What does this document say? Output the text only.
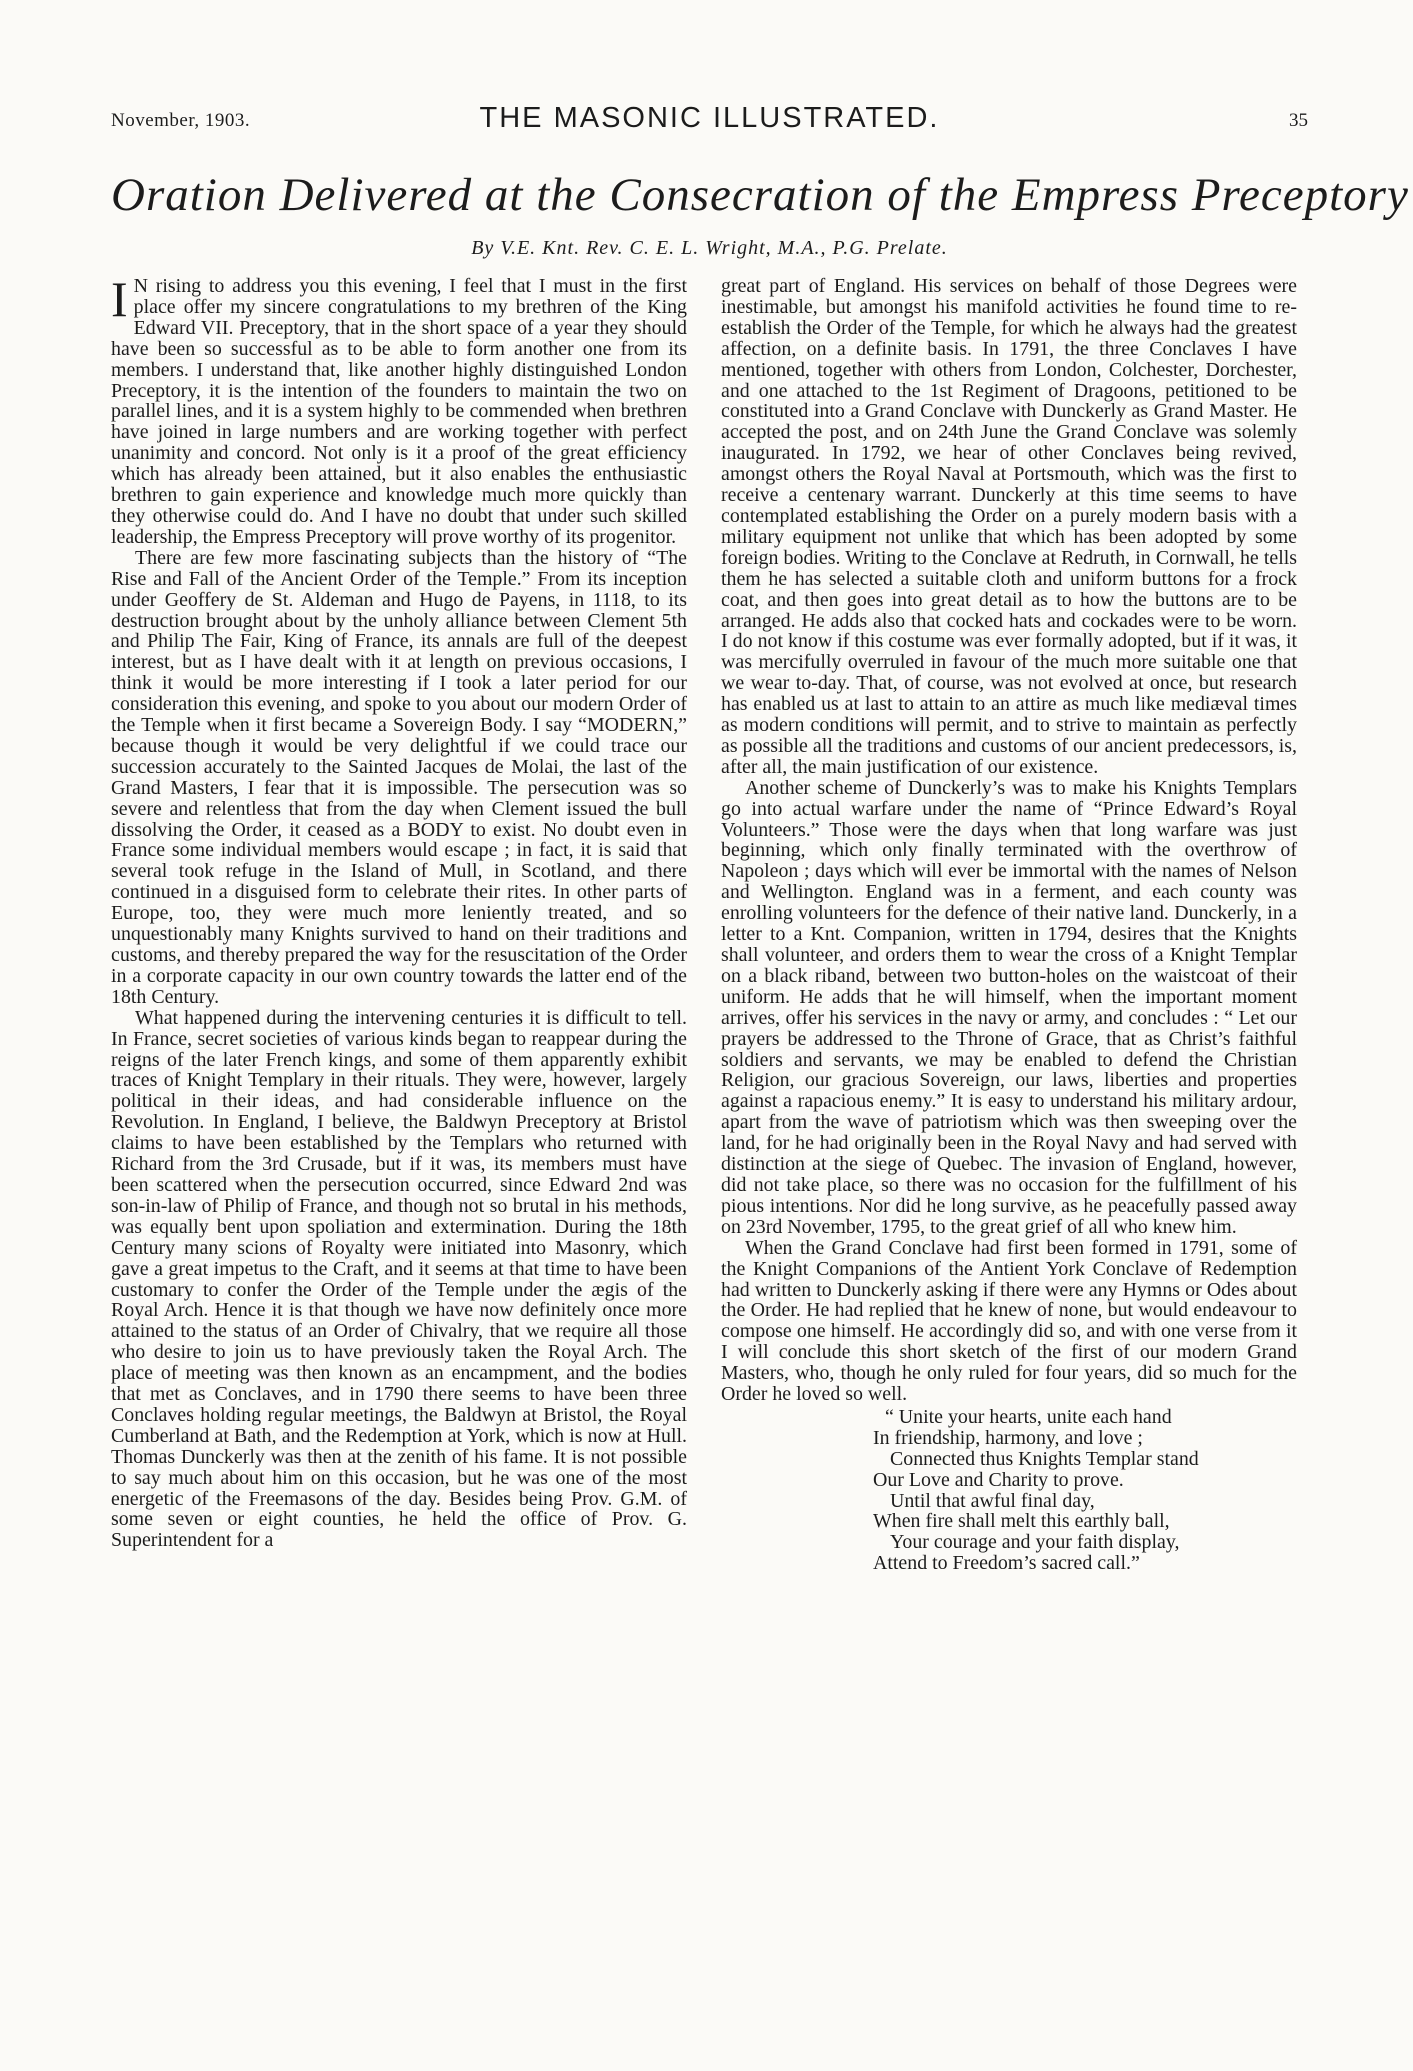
November, 1903.	THE MASONIC ILLUSTRATED.	35
Oration Delivered at the Consecration of the Empress Preceptory
By V.E. Knt. Rev. C. E. L. Wright, M.A., P.G. Prelate.

I N rising to address you this evening, I feel that I must in the first place offer my sincere congratulations to my brethren of the King Edward VII. Preceptory, that in the short space of a year they should have been so successful as to be able to form another one from its members. I understand that, like another highly distinguished London Preceptory, it is the intention of the founders to maintain the two on parallel lines, and it is a system highly to be commended when brethren have joined in large numbers and are working together with perfect unanimity and concord. Not only is it a proof of the great efficiency which has already been attained, but it also enables the enthusiastic brethren to gain experience and knowledge much more quickly than they otherwise could do. And I have no doubt that under such skilled leadership, the Empress Preceptory will prove worthy of its progenitor.

There are few more fascinating subjects than the history of “The Rise and Fall of the Ancient Order of the Temple.” From its inception under Geoffery de St. Aldeman and Hugo de Payens, in 1118, to its destruction brought about by the unholy alliance between Clement 5th and Philip The Fair, King of France, its annals are full of the deepest interest, but as I have dealt with it at length on previous occasions, I think it would be more interesting if I took a later period for our consideration this evening, and spoke to you about our modern Order of the Temple when it first became a Sovereign Body. I say “MODERN,” because though it would be very delightful if we could trace our succession accurately to the Sainted Jacques de Molai, the last of the Grand Masters, I fear that it is impossible. The persecution was so severe and relentless that from the day when Clement issued the bull dissolving the Order, it ceased as a BODY to exist. No doubt even in France some individual members would escape ; in fact, it is said that several took refuge in the Island of Mull, in Scotland, and there continued in a disguised form to celebrate their rites. In other parts of Europe, too, they were much more leniently treated, and so unquestionably many Knights survived to hand on their traditions and customs, and thereby prepared the way for the resuscitation of the Order in a corporate capacity in our own country towards the latter end of the 18th Century.

What happened during the intervening centuries it is difficult to tell. In France, secret societies of various kinds began to reappear during the reigns of the later French kings, and some of them apparently exhibit traces of Knight Templary in their rituals. They were, however, largely political in their ideas, and had considerable influence on the Revolution. In England, I believe, the Baldwyn Preceptory at Bristol claims to have been established by the Templars who returned with Richard from the 3rd Crusade, but if it was, its members must have been scattered when the persecution occurred, since Edward 2nd was son-in-law of Philip of France, and though not so brutal in his methods, was equally bent upon spoliation and extermination. During the 18th Century many scions of Royalty were initiated into Masonry, which gave a great impetus to the Craft, and it seems at that time to have been customary to confer the Order of the Temple under the ægis of the Royal Arch. Hence it is that though we have now definitely once more attained to the status of an Order of Chivalry, that we require all those who desire to join us to have previously taken the Royal Arch. The place of meeting was then known as an encampment, and the bodies that met as Conclaves, and in 1790 there seems to have been three Conclaves holding regular meetings, the Baldwyn at Bristol, the Royal Cumberland at Bath, and the Redemption at York, which is now at Hull. Thomas Dunckerly was then at the zenith of his fame. It is not possible to say much about him on this occasion, but he was one of the most energetic of the Freemasons of the day. Besides being Prov. G.M. of some seven or eight counties, he held the office of Prov. G. Superintendent for a

great part of England. His services on behalf of those Degrees were inestimable, but amongst his manifold activities he found time to re-establish the Order of the Temple, for which he always had the greatest affection, on a definite basis. In 1791, the three Conclaves I have mentioned, together with others from London, Colchester, Dorchester, and one attached to the 1st Regiment of Dragoons, petitioned to be constituted into a Grand Conclave with Dunckerly as Grand Master. He accepted the post, and on 24th June the Grand Conclave was solemly inaugurated. In 1792, we hear of other Conclaves being revived, amongst others the Royal Naval at Portsmouth, which was the first to receive a centenary warrant. Dunckerly at this time seems to have contemplated establishing the Order on a purely modern basis with a military equipment not unlike that which has been adopted by some foreign bodies. Writing to the Conclave at Redruth, in Cornwall, he tells them he has selected a suitable cloth and uniform buttons for a frock coat, and then goes into great detail as to how the buttons are to be arranged. He adds also that cocked hats and cockades were to be worn. I do not know if this costume was ever formally adopted, but if it was, it was mercifully overruled in favour of the much more suitable one that we wear to-day. That, of course, was not evolved at once, but research has enabled us at last to attain to an attire as much like mediæval times as modern conditions will permit, and to strive to maintain as perfectly as possible all the traditions and customs of our ancient predecessors, is, after all, the main justification of our existence.

Another scheme of Dunckerly’s was to make his Knights Templars go into actual warfare under the name of “Prince Edward’s Royal Volunteers.” Those were the days when that long warfare was just beginning, which only finally terminated with the overthrow of Napoleon ; days which will ever be immortal with the names of Nelson and Wellington. England was in a ferment, and each county was enrolling volunteers for the defence of their native land. Dunckerly, in a letter to a Knt. Companion, written in 1794, desires that the Knights shall volunteer, and orders them to wear the cross of a Knight Templar on a black riband, between two button-holes on the waistcoat of their uniform. He adds that he will himself, when the important moment arrives, offer his services in the navy or army, and concludes : “ Let our prayers be addressed to the Throne of Grace, that as Christ’s faithful soldiers and servants, we may be enabled to defend the Christian Religion, our gracious Sovereign, our laws, liberties and properties against a rapacious enemy.” It is easy to understand his military ardour, apart from the wave of patriotism which was then sweeping over the land, for he had originally been in the Royal Navy and had served with distinction at the siege of Quebec. The invasion of England, however, did not take place, so there was no occasion for the fulfillment of his pious intentions. Nor did he long survive, as he peacefully passed away on 23rd November, 1795, to the great grief of all who knew him.

When the Grand Conclave had first been formed in 1791, some of the Knight Companions of the Antient York Conclave of Redemption had written to Dunckerly asking if there were any Hymns or Odes about the Order. He had replied that he knew of none, but would endeavour to compose one himself. He accordingly did so, and with one verse from it I will conclude this short sketch of the first of our modern Grand Masters, who, though he only ruled for four years, did so much for the Order he loved so well.

“ Unite your hearts, unite each hand

In friendship, harmony, and love ;

Connected thus Knights Templar stand

Our Love and Charity to prove.

Until that awful final day,

When fire shall melt this earthly ball,

Your courage and your faith display,

Attend to Freedom’s sacred call.”
